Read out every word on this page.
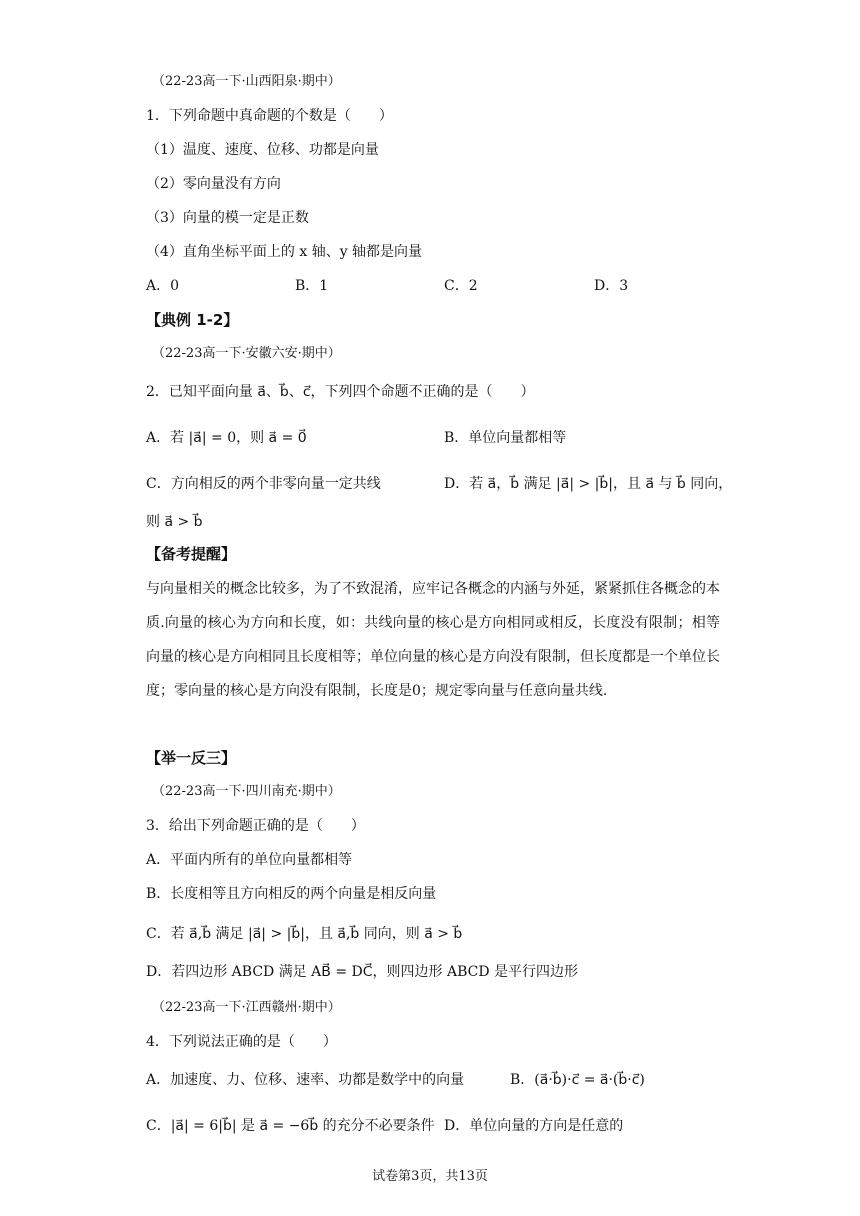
（22-23高一下·山西阳泉·期中）
1．下列命题中真命题的个数是（　　）
（1）温度、速度、位移、功都是向量
（2）零向量没有方向
（3）向量的模一定是正数
（4）直角坐标平面上的 x 轴、y 轴都是向量
A．0	B．1	C．2	D．3
【典例 1-2】
（22-23高一下·安徽六安·期中）
2．已知平面向量 a⃗、b⃗、c⃗，下列四个命题不正确的是（　　）
A．若 |a⃗| = 0，则 a⃗ = 0⃗	B．单位向量都相等
C．方向相反的两个非零向量一定共线	D．若 a⃗，b⃗ 满足 |a⃗| > |b⃗|，且 a⃗ 与 b⃗ 同向，
则 a⃗ > b⃗
【备考提醒】
与向量相关的概念比较多，为了不致混淆，应牢记各概念的内涵与外延，紧紧抓住各概念的本质.向量的核心为方向和长度，如：共线向量的核心是方向相同或相反，长度没有限制；相等向量的核心是方向相同且长度相等；单位向量的核心是方向没有限制，但长度都是一个单位长度；零向量的核心是方向没有限制，长度是0；规定零向量与任意向量共线.
【举一反三】
（22-23高一下·四川南充·期中）
3．给出下列命题正确的是（　　）
A．平面内所有的单位向量都相等
B．长度相等且方向相反的两个向量是相反向量
C．若 a⃗,b⃗ 满足 |a⃗| > |b⃗|，且 a⃗,b⃗ 同向，则 a⃗ > b⃗
D．若四边形 ABCD 满足 AB⃗ = DC⃗，则四边形 ABCD 是平行四边形
（22-23高一下·江西赣州·期中）
4．下列说法正确的是（　　）
A．加速度、力、位移、速率、功都是数学中的向量	B．(a⃗·b⃗)·c⃗ = a⃗·(b⃗·c⃗)
C．|a⃗| = 6|b⃗| 是 a⃗ = −6b⃗ 的充分不必要条件 D．单位向量的方向是任意的
试卷第3页，共13页
